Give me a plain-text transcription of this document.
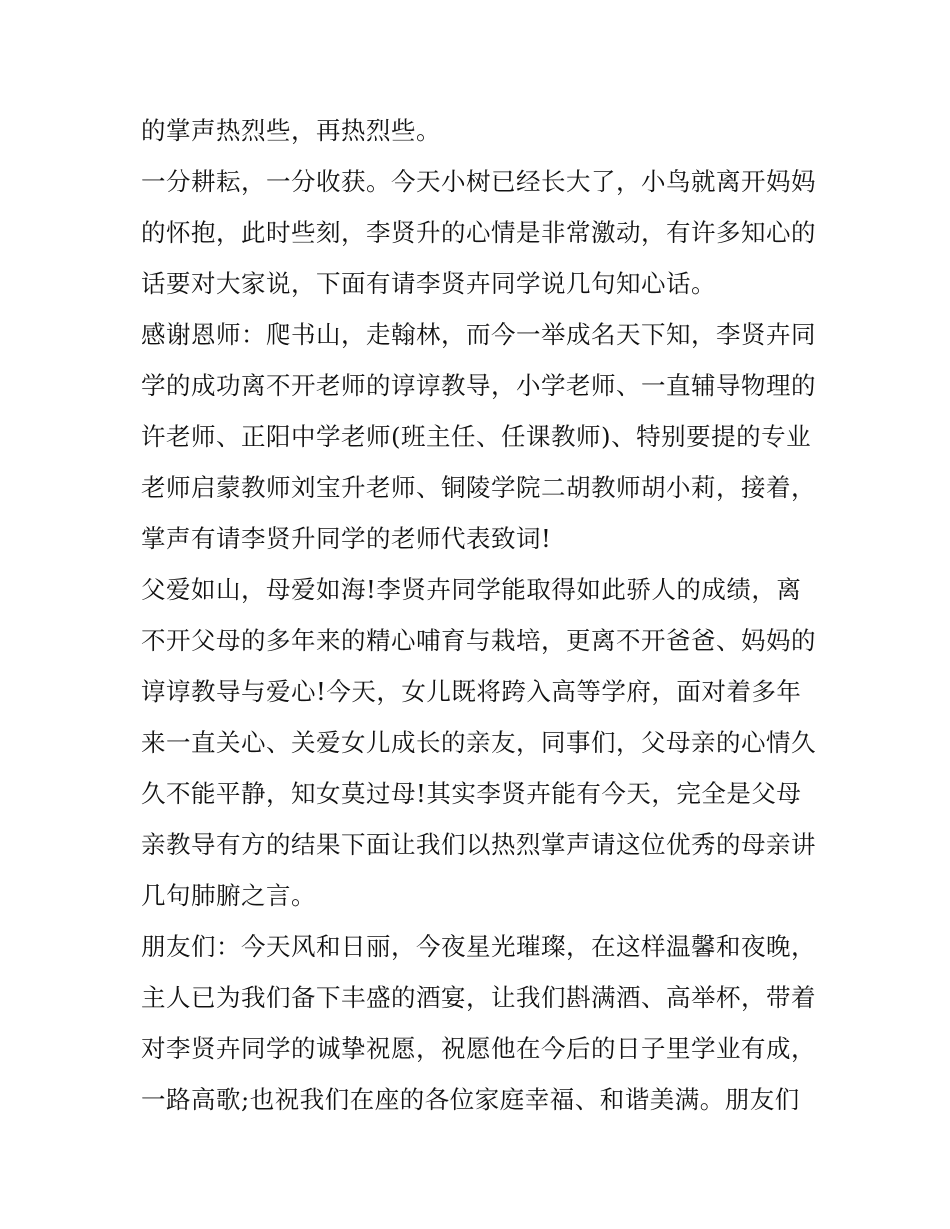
的掌声热烈些，再热烈些。
一分耕耘，一分收获。今天小树已经长大了，小鸟就离开妈妈
的怀抱，此时些刻，李贤升的心情是非常激动，有许多知心的
话要对大家说，下面有请李贤卉同学说几句知心话。
感谢恩师：爬书山，走翰林，而今一举成名天下知，李贤卉同
学的成功离不开老师的谆谆教导，小学老师、一直辅导物理的
许老师、正阳中学老师(班主任、任课教师)、特别要提的专业
老师启蒙教师刘宝升老师、铜陵学院二胡教师胡小莉，接着，
掌声有请李贤升同学的老师代表致词!
父爱如山，母爱如海!李贤卉同学能取得如此骄人的成绩，离
不开父母的多年来的精心哺育与栽培，更离不开爸爸、妈妈的
谆谆教导与爱心!今天，女儿既将跨入高等学府，面对着多年
来一直关心、关爱女儿成长的亲友，同事们，父母亲的心情久
久不能平静，知女莫过母!其实李贤卉能有今天，完全是父母
亲教导有方的结果下面让我们以热烈掌声请这位优秀的母亲讲
几句肺腑之言。
朋友们：今天风和日丽，今夜星光璀璨，在这样温馨和夜晚，
主人已为我们备下丰盛的酒宴，让我们斟满酒、高举杯，带着
对李贤卉同学的诚挚祝愿，祝愿他在今后的日子里学业有成，
一路高歌;也祝我们在座的各位家庭幸福、和谐美满。朋友们
